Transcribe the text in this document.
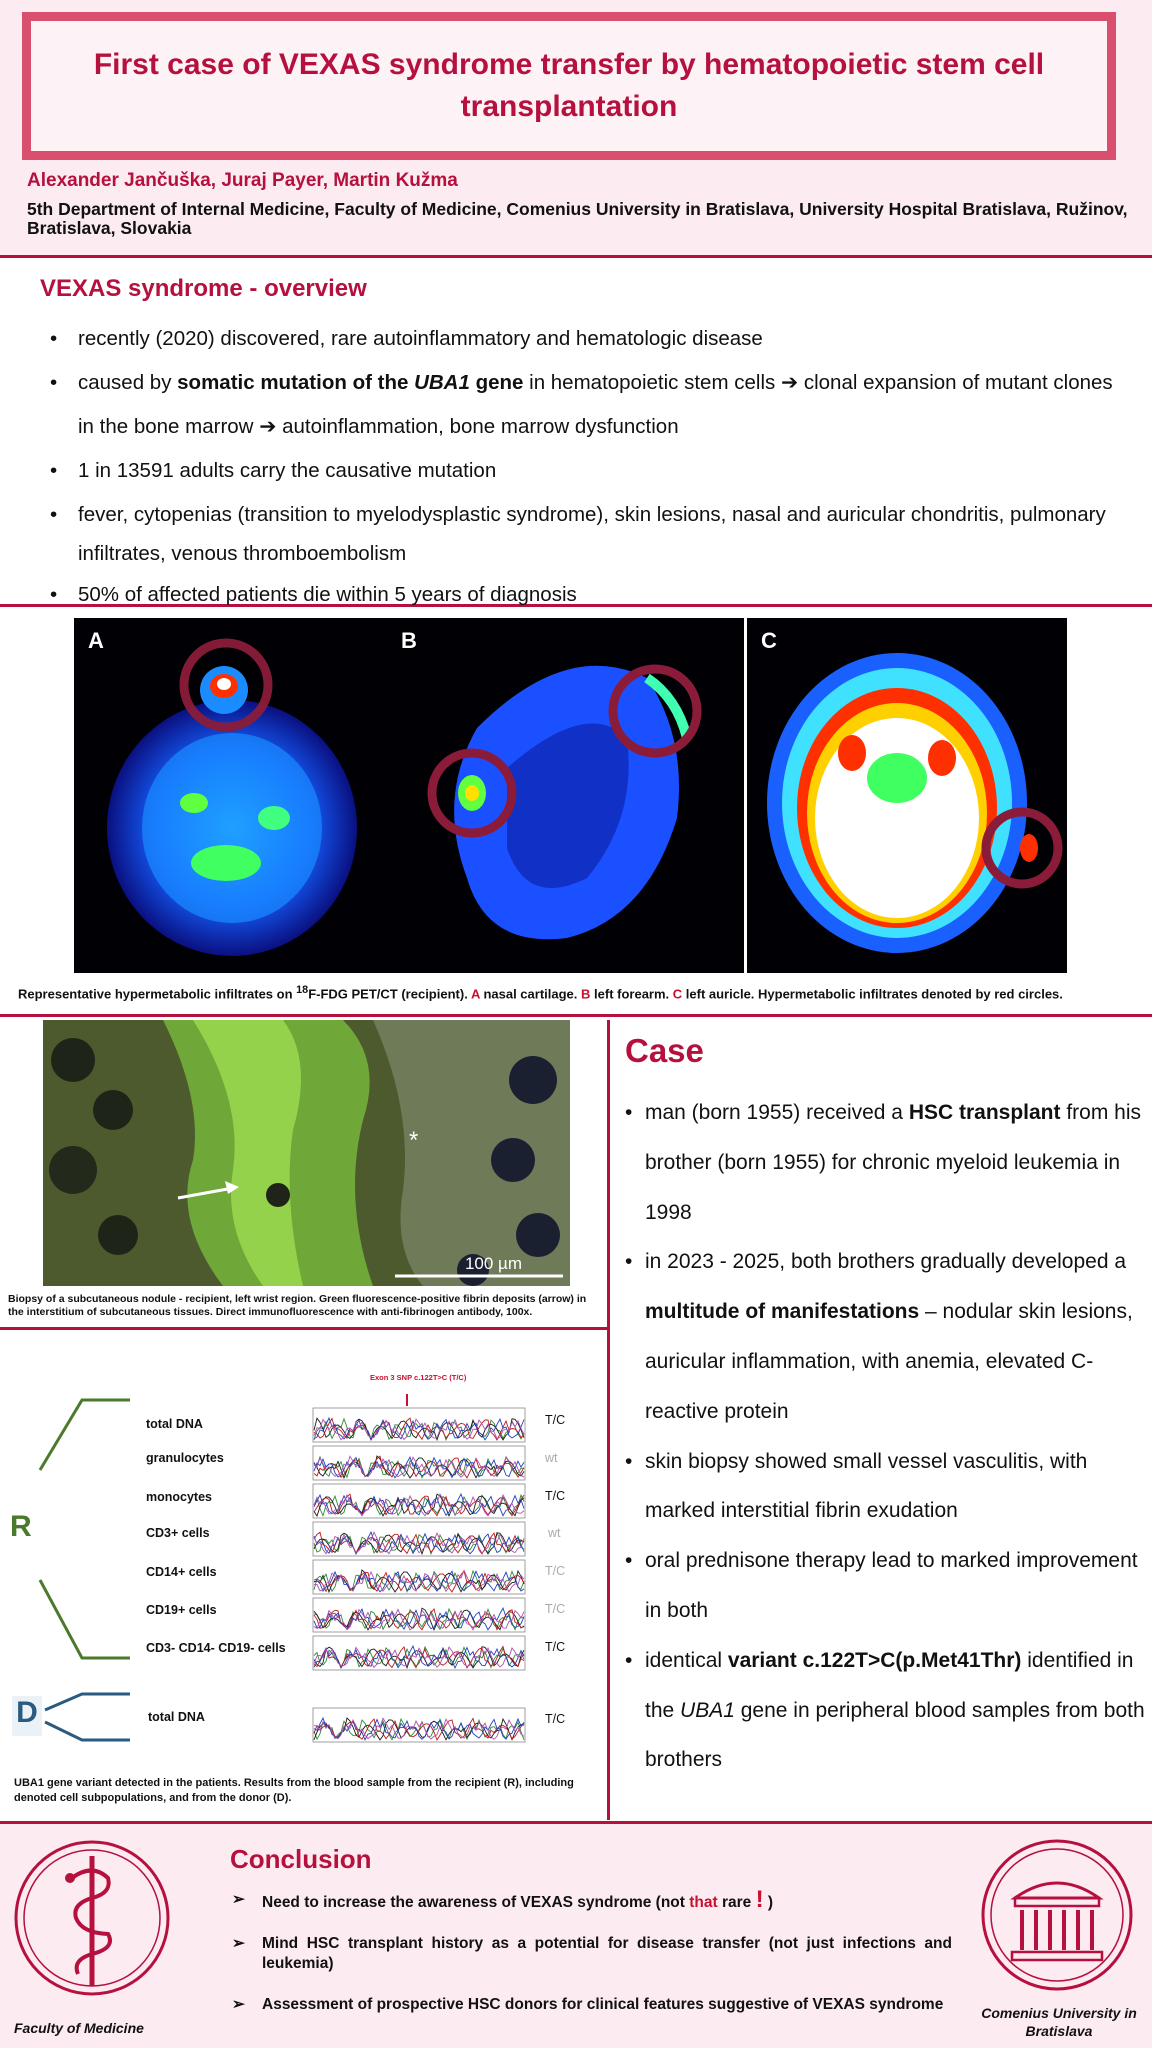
First case of VEXAS syndrome transfer by hematopoietic stem cell transplantation
Alexander Jančuška, Juraj Payer, Martin Kužma
5th Department of Internal Medicine, Faculty of Medicine, Comenius University in Bratislava, University Hospital Bratislava, Ružinov, Bratislava, Slovakia
VEXAS syndrome - overview
• recently (2020) discovered, rare autoinflammatory and hematologic disease
• caused by somatic mutation of the UBA1 gene in hematopoietic stem cells ➔ clonal expansion of mutant clones in the bone marrow ➔ autoinflammation, bone marrow dysfunction
• 1 in 13591 adults carry the causative mutation
• fever, cytopenias (transition to myelodysplastic syndrome), skin lesions, nasal and auricular chondritis, pulmonary infiltrates, venous thromboembolism
• 50% of affected patients die within 5 years of diagnosis
A	B	C
Representative hypermetabolic infiltrates on $^{18}$F-FDG PET/CT (recipient). A nasal cartilage. B left forearm. C left auricle. Hypermetabolic infiltrates denoted by red circles.
*
100 µm
Biopsy of a subcutaneous nodule - recipient, left wrist region. Green fluorescence-positive fibrin deposits (arrow) in the interstitium of subcutaneous tissues. Direct immunofluorescence with anti-fibrinogen antibody, 100x.
Exon 3 SNP c.122T>C (T/C)
R
D
total DNA	T/C
granulocytes	wt
monocytes	T/C
CD3+ cells	wt
CD14+ cells	T/C
CD19+ cells	T/C
CD3- CD14- CD19- cells	T/C
total DNA	T/C
UBA1 gene variant detected in the patients. Results from the blood sample from the recipient (R), including denoted cell subpopulations, and from the donor (D).
Case
• man (born 1955) received a HSC transplant from his brother (born 1955) for chronic myeloid leukemia in 1998
• in 2023 - 2025, both brothers gradually developed a multitude of manifestations – nodular skin lesions, auricular inflammation, with anemia, elevated C-reactive protein
• skin biopsy showed small vessel vasculitis, with marked interstitial fibrin exudation
• oral prednisone therapy lead to marked improvement in both
• identical variant c.122T>C(p.Met41Thr) identified in the UBA1 gene in peripheral blood samples from both brothers
Faculty of Medicine
Conclusion
➢ Need to increase the awareness of VEXAS syndrome (not that rare ! )
➢ Mind HSC transplant history as a potential for disease transfer (not just infections and leukemia)
➢ Assessment of prospective HSC donors for clinical features suggestive of VEXAS syndrome	Comenius University in Bratislava
